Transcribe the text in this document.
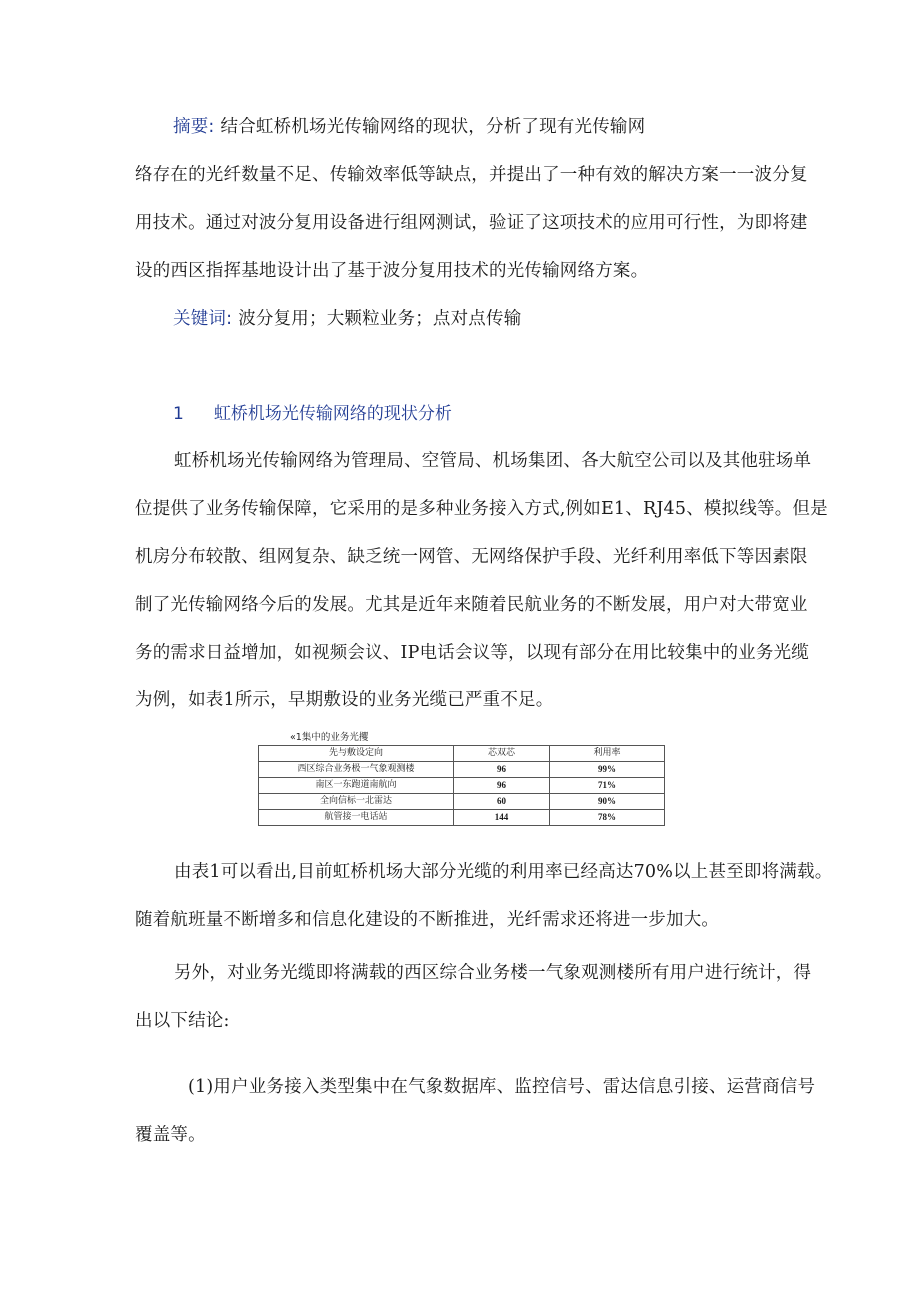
摘要: 结合虹桥机场光传输网络的现状，分析了现有光传输网
络存在的光纤数量不足、传输效率低等缺点，并提出了一种有效的解决方案一一波分复
用技术。通过对波分复用设备进行组网测试，验证了这项技术的应用可行性，为即将建
设的西区指挥基地设计出了基于波分复用技术的光传输网络方案。
关键词: 波分复用；大颗粒业务；点对点传输
1 虹桥机场光传输网络的现状分析
虹桥机场光传输网络为管理局、空管局、机场集团、各大航空公司以及其他驻场单
位提供了业务传输保障，它采用的是多种业务接入方式,例如E1、RJ45、模拟线等。但是
机房分布较散、组网复杂、缺乏统一网管、无网络保护手段、光纤利用率低下等因素限
制了光传输网络今后的发展。尤其是近年来随着民航业务的不断发展，用户对大带宽业
务的需求日益增加，如视频会议、IP电话会议等，以现有部分在用比较集中的业务光缆
为例，如表1所示，早期敷设的业务光缆已严重不足。
«1集中的业务光攫
先与敷设定向	芯双芯	利用率
西区综合业务极一气象观测楼	96	99%
南区一东跑道南航向	96	71%
全向信标一北雷达	60	90%
航管接一电话站	144	78%
由表1可以看出,目前虹桥机场大部分光缆的利用率已经高达70%以上甚至即将满载。
随着航班量不断增多和信息化建设的不断推进，光纤需求还将进一步加大。
另外，对业务光缆即将满载的西区综合业务楼一气象观测楼所有用户进行统计，得
出以下结论:
(1)用户业务接入类型集中在气象数据库、监控信号、雷达信息引接、运营商信号
覆盖等。
